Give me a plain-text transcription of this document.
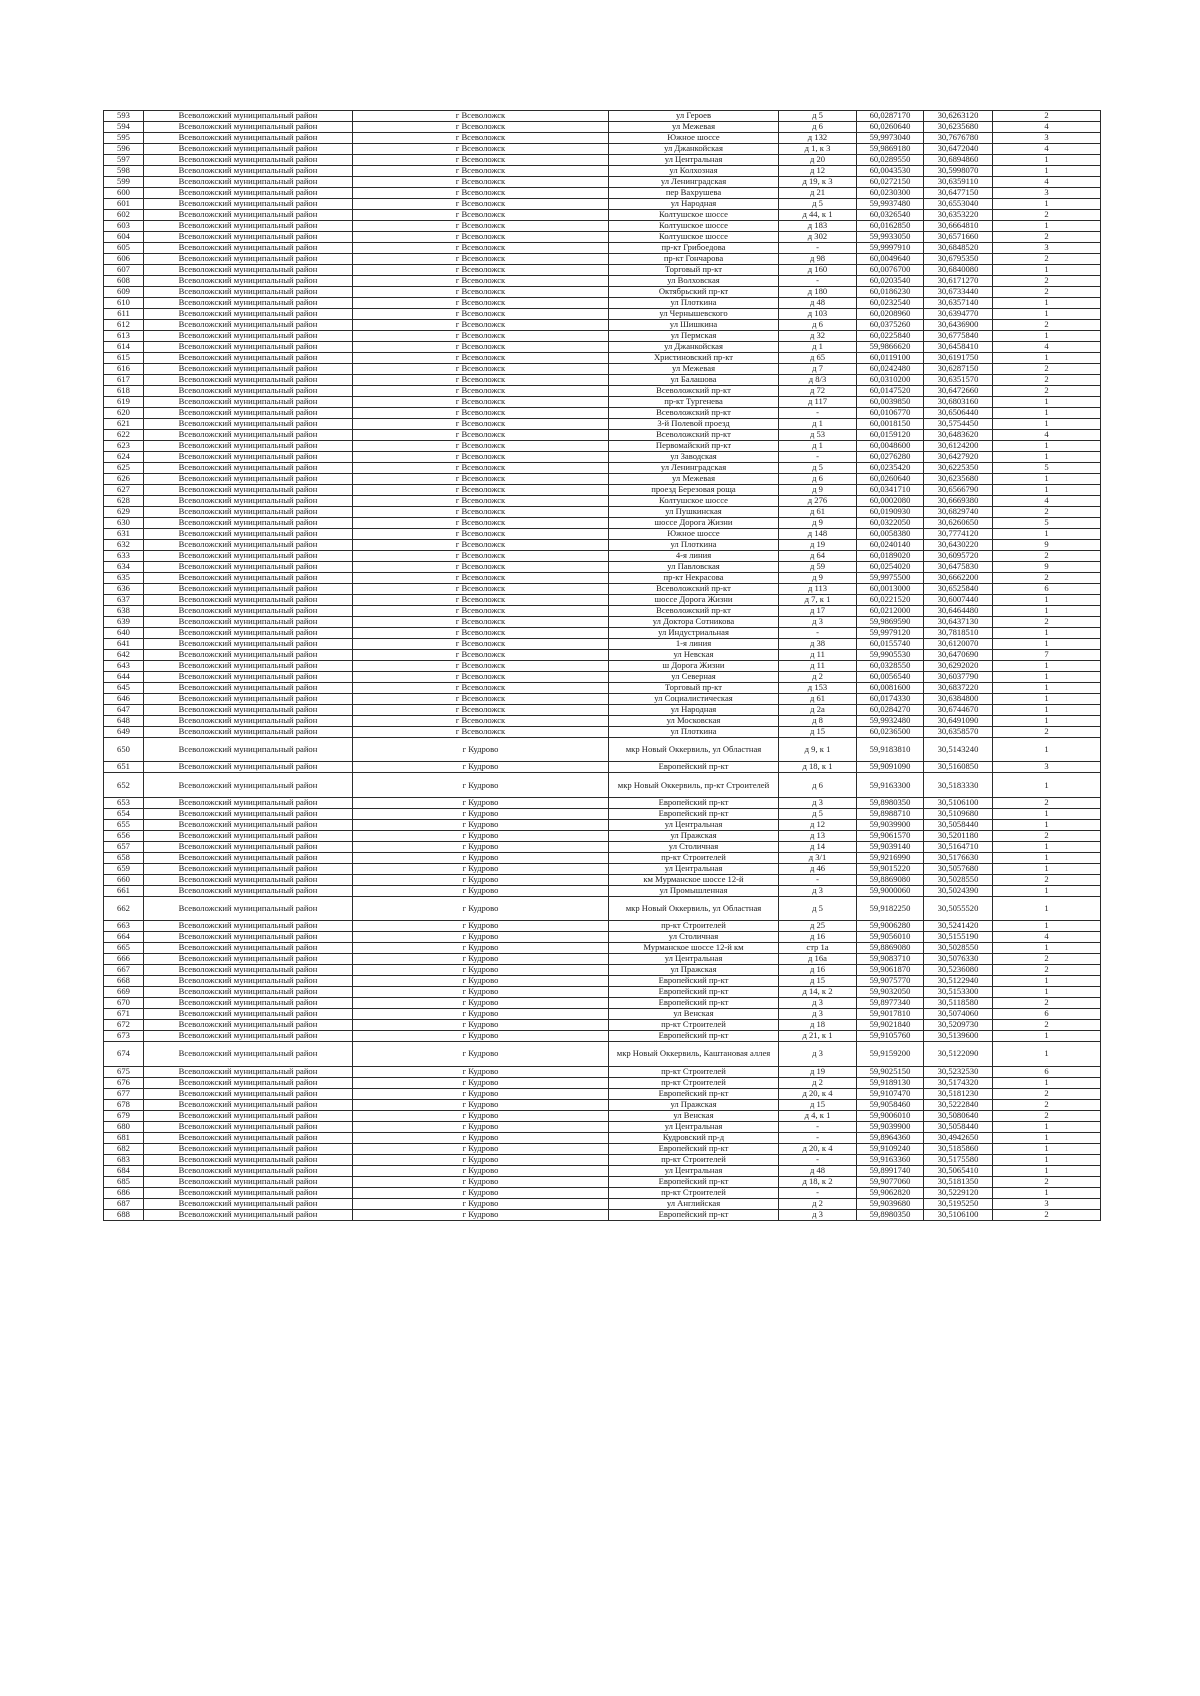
593	Всеволожский муниципальный район	г Всеволожск	ул Героев	д 5	60,0287170	30,6263120	2
594	Всеволожский муниципальный район	г Всеволожск	ул Межевая	д 6	60,0260640	30,6235680	4
595	Всеволожский муниципальный район	г Всеволожск	Южное шоссе	д 132	59,9973040	30,7676780	3
596	Всеволожский муниципальный район	г Всеволожск	ул Джанкойская	д 1, к 3	59,9869180	30,6472040	4
597	Всеволожский муниципальный район	г Всеволожск	ул Центральная	д 20	60,0289550	30,6894860	1
598	Всеволожский муниципальный район	г Всеволожск	ул Колхозная	д 12	60,0043530	30,5998070	1
599	Всеволожский муниципальный район	г Всеволожск	ул Ленинградская	д 19, к 3	60,0272150	30,6359110	4
600	Всеволожский муниципальный район	г Всеволожск	пер Вахрушева	д 21	60,0230300	30,6477150	3
601	Всеволожский муниципальный район	г Всеволожск	ул Народная	д 5	59,9937480	30,6553040	1
602	Всеволожский муниципальный район	г Всеволожск	Колтушское шоссе	д 44, к 1	60,0326540	30,6353220	2
603	Всеволожский муниципальный район	г Всеволожск	Колтушское шоссе	д 183	60,0162850	30,6664810	1
604	Всеволожский муниципальный район	г Всеволожск	Колтушское шоссе	д 302	59,9933050	30,6571660	2
605	Всеволожский муниципальный район	г Всеволожск	пр-кт Грибоедова	-	59,9997910	30,6848520	3
606	Всеволожский муниципальный район	г Всеволожск	пр-кт Гончарова	д 98	60,0049640	30,6795350	2
607	Всеволожский муниципальный район	г Всеволожск	Торговый пр-кт	д 160	60,0076700	30,6840080	1
608	Всеволожский муниципальный район	г Всеволожск	ул Волховская	-	60,0203540	30,6171270	2
609	Всеволожский муниципальный район	г Всеволожск	Октябрьский пр-кт	д 180	60,0186230	30,6733440	2
610	Всеволожский муниципальный район	г Всеволожск	ул Плоткина	д 48	60,0232540	30,6357140	1
611	Всеволожский муниципальный район	г Всеволожск	ул Чернышевского	д 103	60,0208960	30,6394770	1
612	Всеволожский муниципальный район	г Всеволожск	ул Шишкина	д 6	60,0375260	30,6436900	2
613	Всеволожский муниципальный район	г Всеволожск	ул Пермская	д 32	60,0225840	30,6775840	1
614	Всеволожский муниципальный район	г Всеволожск	ул Джанкойская	д 1	59,9866620	30,6458410	4
615	Всеволожский муниципальный район	г Всеволожск	Христиновский пр-кт	д 65	60,0119100	30,6191750	1
616	Всеволожский муниципальный район	г Всеволожск	ул Межевая	д 7	60,0242480	30,6287150	2
617	Всеволожский муниципальный район	г Всеволожск	ул Балашова	д 8/3	60,0310200	30,6351570	2
618	Всеволожский муниципальный район	г Всеволожск	Всеволожский пр-кт	д 72	60,0147520	30,6472660	2
619	Всеволожский муниципальный район	г Всеволожск	пр-кт Тургенева	д 117	60,0039850	30,6803160	1
620	Всеволожский муниципальный район	г Всеволожск	Всеволожский пр-кт	-	60,0106770	30,6506440	1
621	Всеволожский муниципальный район	г Всеволожск	3-й Полевой проезд	д 1	60,0018150	30,5754450	1
622	Всеволожский муниципальный район	г Всеволожск	Всеволожский пр-кт	д 53	60,0159120	30,6483620	4
623	Всеволожский муниципальный район	г Всеволожск	Первомайский пр-кт	д 1	60,0048600	30,6124200	1
624	Всеволожский муниципальный район	г Всеволожск	ул Заводская	-	60,0276280	30,6427920	1
625	Всеволожский муниципальный район	г Всеволожск	ул Ленинградская	д 5	60,0235420	30,6225350	5
626	Всеволожский муниципальный район	г Всеволожск	ул Межевая	д 6	60,0260640	30,6235680	1
627	Всеволожский муниципальный район	г Всеволожск	проезд Березовая роща	д 9	60,0341710	30,6566790	1
628	Всеволожский муниципальный район	г Всеволожск	Колтушское шоссе	д 276	60,0002080	30,6669380	4
629	Всеволожский муниципальный район	г Всеволожск	ул Пушкинская	д 61	60,0190930	30,6829740	2
630	Всеволожский муниципальный район	г Всеволожск	шоссе Дорога Жизни	д 9	60,0322050	30,6260650	5
631	Всеволожский муниципальный район	г Всеволожск	Южное шоссе	д 148	60,0058380	30,7774120	1
632	Всеволожский муниципальный район	г Всеволожск	ул Плоткина	д 19	60,0240140	30,6430220	9
633	Всеволожский муниципальный район	г Всеволожск	4-я линия	д 64	60,0189020	30,6095720	2
634	Всеволожский муниципальный район	г Всеволожск	ул Павловская	д 59	60,0254020	30,6475830	9
635	Всеволожский муниципальный район	г Всеволожск	пр-кт Некрасова	д 9	59,9975500	30,6662200	2
636	Всеволожский муниципальный район	г Всеволожск	Всеволожский пр-кт	д 113	60,0013000	30,6525840	6
637	Всеволожский муниципальный район	г Всеволожск	шоссе Дорога Жизни	д 7, к 1	60,0221520	30,6007440	1
638	Всеволожский муниципальный район	г Всеволожск	Всеволожский пр-кт	д 17	60,0212000	30,6464480	1
639	Всеволожский муниципальный район	г Всеволожск	ул Доктора Сотникова	д 3	59,9869590	30,6437130	2
640	Всеволожский муниципальный район	г Всеволожск	ул Индустриальная	-	59,9979120	30,7818510	1
641	Всеволожский муниципальный район	г Всеволожск	1-я линия	д 38	60,0155740	30,6120070	1
642	Всеволожский муниципальный район	г Всеволожск	ул Невская	д 11	59,9905530	30,6470690	7
643	Всеволожский муниципальный район	г Всеволожск	ш Дорога Жизни	д 11	60,0328550	30,6292020	1
644	Всеволожский муниципальный район	г Всеволожск	ул Северная	д 2	60,0056540	30,6037790	1
645	Всеволожский муниципальный район	г Всеволожск	Торговый пр-кт	д 153	60,0081600	30,6837220	1
646	Всеволожский муниципальный район	г Всеволожск	ул Социалистическая	д 61	60,0174330	30,6384800	1
647	Всеволожский муниципальный район	г Всеволожск	ул Народная	д 2а	60,0284270	30,6744670	1
648	Всеволожский муниципальный район	г Всеволожск	ул Московская	д 8	59,9932480	30,6491090	1
649	Всеволожский муниципальный район	г Всеволожск	ул Плоткина	д 15	60,0236500	30,6358570	2
650	Всеволожский муниципальный район	г Кудрово	мкр Новый Оккервиль, ул Областная	д 9, к 1	59,9183810	30,5143240	1
651	Всеволожский муниципальный район	г Кудрово	Европейский пр-кт	д 18, к 1	59,9091090	30,5160850	3
652	Всеволожский муниципальный район	г Кудрово	мкр Новый Оккервиль, пр-кт Строителей	д 6	59,9163300	30,5183330	1
653	Всеволожский муниципальный район	г Кудрово	Европейский пр-кт	д 3	59,8980350	30,5106100	2
654	Всеволожский муниципальный район	г Кудрово	Европейский пр-кт	д 5	59,8988710	30,5109680	1
655	Всеволожский муниципальный район	г Кудрово	ул Центральная	д 12	59,9039900	30,5058440	1
656	Всеволожский муниципальный район	г Кудрово	ул Пражская	д 13	59,9061570	30,5201180	2
657	Всеволожский муниципальный район	г Кудрово	ул Столичная	д 14	59,9039140	30,5164710	1
658	Всеволожский муниципальный район	г Кудрово	пр-кт Строителей	д 3/1	59,9216990	30,5176630	1
659	Всеволожский муниципальный район	г Кудрово	ул Центральная	д 46	59,9015220	30,5057680	1
660	Всеволожский муниципальный район	г Кудрово	км Мурманское шоссе 12-й	-	59,8869080	30,5028550	2
661	Всеволожский муниципальный район	г Кудрово	ул Промышленная	д 3	59,9000060	30,5024390	1
662	Всеволожский муниципальный район	г Кудрово	мкр Новый Оккервиль, ул Областная	д 5	59,9182250	30,5055520	1
663	Всеволожский муниципальный район	г Кудрово	пр-кт Строителей	д 25	59,9006280	30,5241420	1
664	Всеволожский муниципальный район	г Кудрово	ул Столичная	д 16	59,9056010	30,5155190	4
665	Всеволожский муниципальный район	г Кудрово	Мурманское шоссе 12-й км	стр 1а	59,8869080	30,5028550	1
666	Всеволожский муниципальный район	г Кудрово	ул Центральная	д 16а	59,9083710	30,5076330	2
667	Всеволожский муниципальный район	г Кудрово	ул Пражская	д 16	59,9061870	30,5236080	2
668	Всеволожский муниципальный район	г Кудрово	Европейский пр-кт	д 15	59,9075770	30,5122940	1
669	Всеволожский муниципальный район	г Кудрово	Европейский пр-кт	д 14, к 2	59,9032050	30,5153300	1
670	Всеволожский муниципальный район	г Кудрово	Европейский пр-кт	д 3	59,8977340	30,5118580	2
671	Всеволожский муниципальный район	г Кудрово	ул Венская	д 3	59,9017810	30,5074060	6
672	Всеволожский муниципальный район	г Кудрово	пр-кт Строителей	д 18	59,9021840	30,5209730	2
673	Всеволожский муниципальный район	г Кудрово	Европейский пр-кт	д 21, к 1	59,9105760	30,5139600	1
674	Всеволожский муниципальный район	г Кудрово	мкр Новый Оккервиль, Каштановая аллея	д 3	59,9159200	30,5122090	1
675	Всеволожский муниципальный район	г Кудрово	пр-кт Строителей	д 19	59,9025150	30,5232530	6
676	Всеволожский муниципальный район	г Кудрово	пр-кт Строителей	д 2	59,9189130	30,5174320	1
677	Всеволожский муниципальный район	г Кудрово	Европейский пр-кт	д 20, к 4	59,9107470	30,5181230	2
678	Всеволожский муниципальный район	г Кудрово	ул Пражская	д 15	59,9058460	30,5222840	2
679	Всеволожский муниципальный район	г Кудрово	ул Венская	д 4, к 1	59,9006010	30,5080640	2
680	Всеволожский муниципальный район	г Кудрово	ул Центральная	-	59,9039900	30,5058440	1
681	Всеволожский муниципальный район	г Кудрово	Кудровский пр-д	-	59,8964360	30,4942650	1
682	Всеволожский муниципальный район	г Кудрово	Европейский пр-кт	д 20, к 4	59,9109240	30,5185860	1
683	Всеволожский муниципальный район	г Кудрово	пр-кт Строителей	-	59,9163360	30,5175580	1
684	Всеволожский муниципальный район	г Кудрово	ул Центральная	д 48	59,8991740	30,5065410	1
685	Всеволожский муниципальный район	г Кудрово	Европейский пр-кт	д 18, к 2	59,9077060	30,5181350	2
686	Всеволожский муниципальный район	г Кудрово	пр-кт Строителей	-	59,9062820	30,5229120	1
687	Всеволожский муниципальный район	г Кудрово	ул Английская	д 2	59,9039680	30,5195250	3
688	Всеволожский муниципальный район	г Кудрово	Европейский пр-кт	д 3	59,8980350	30,5106100	2
